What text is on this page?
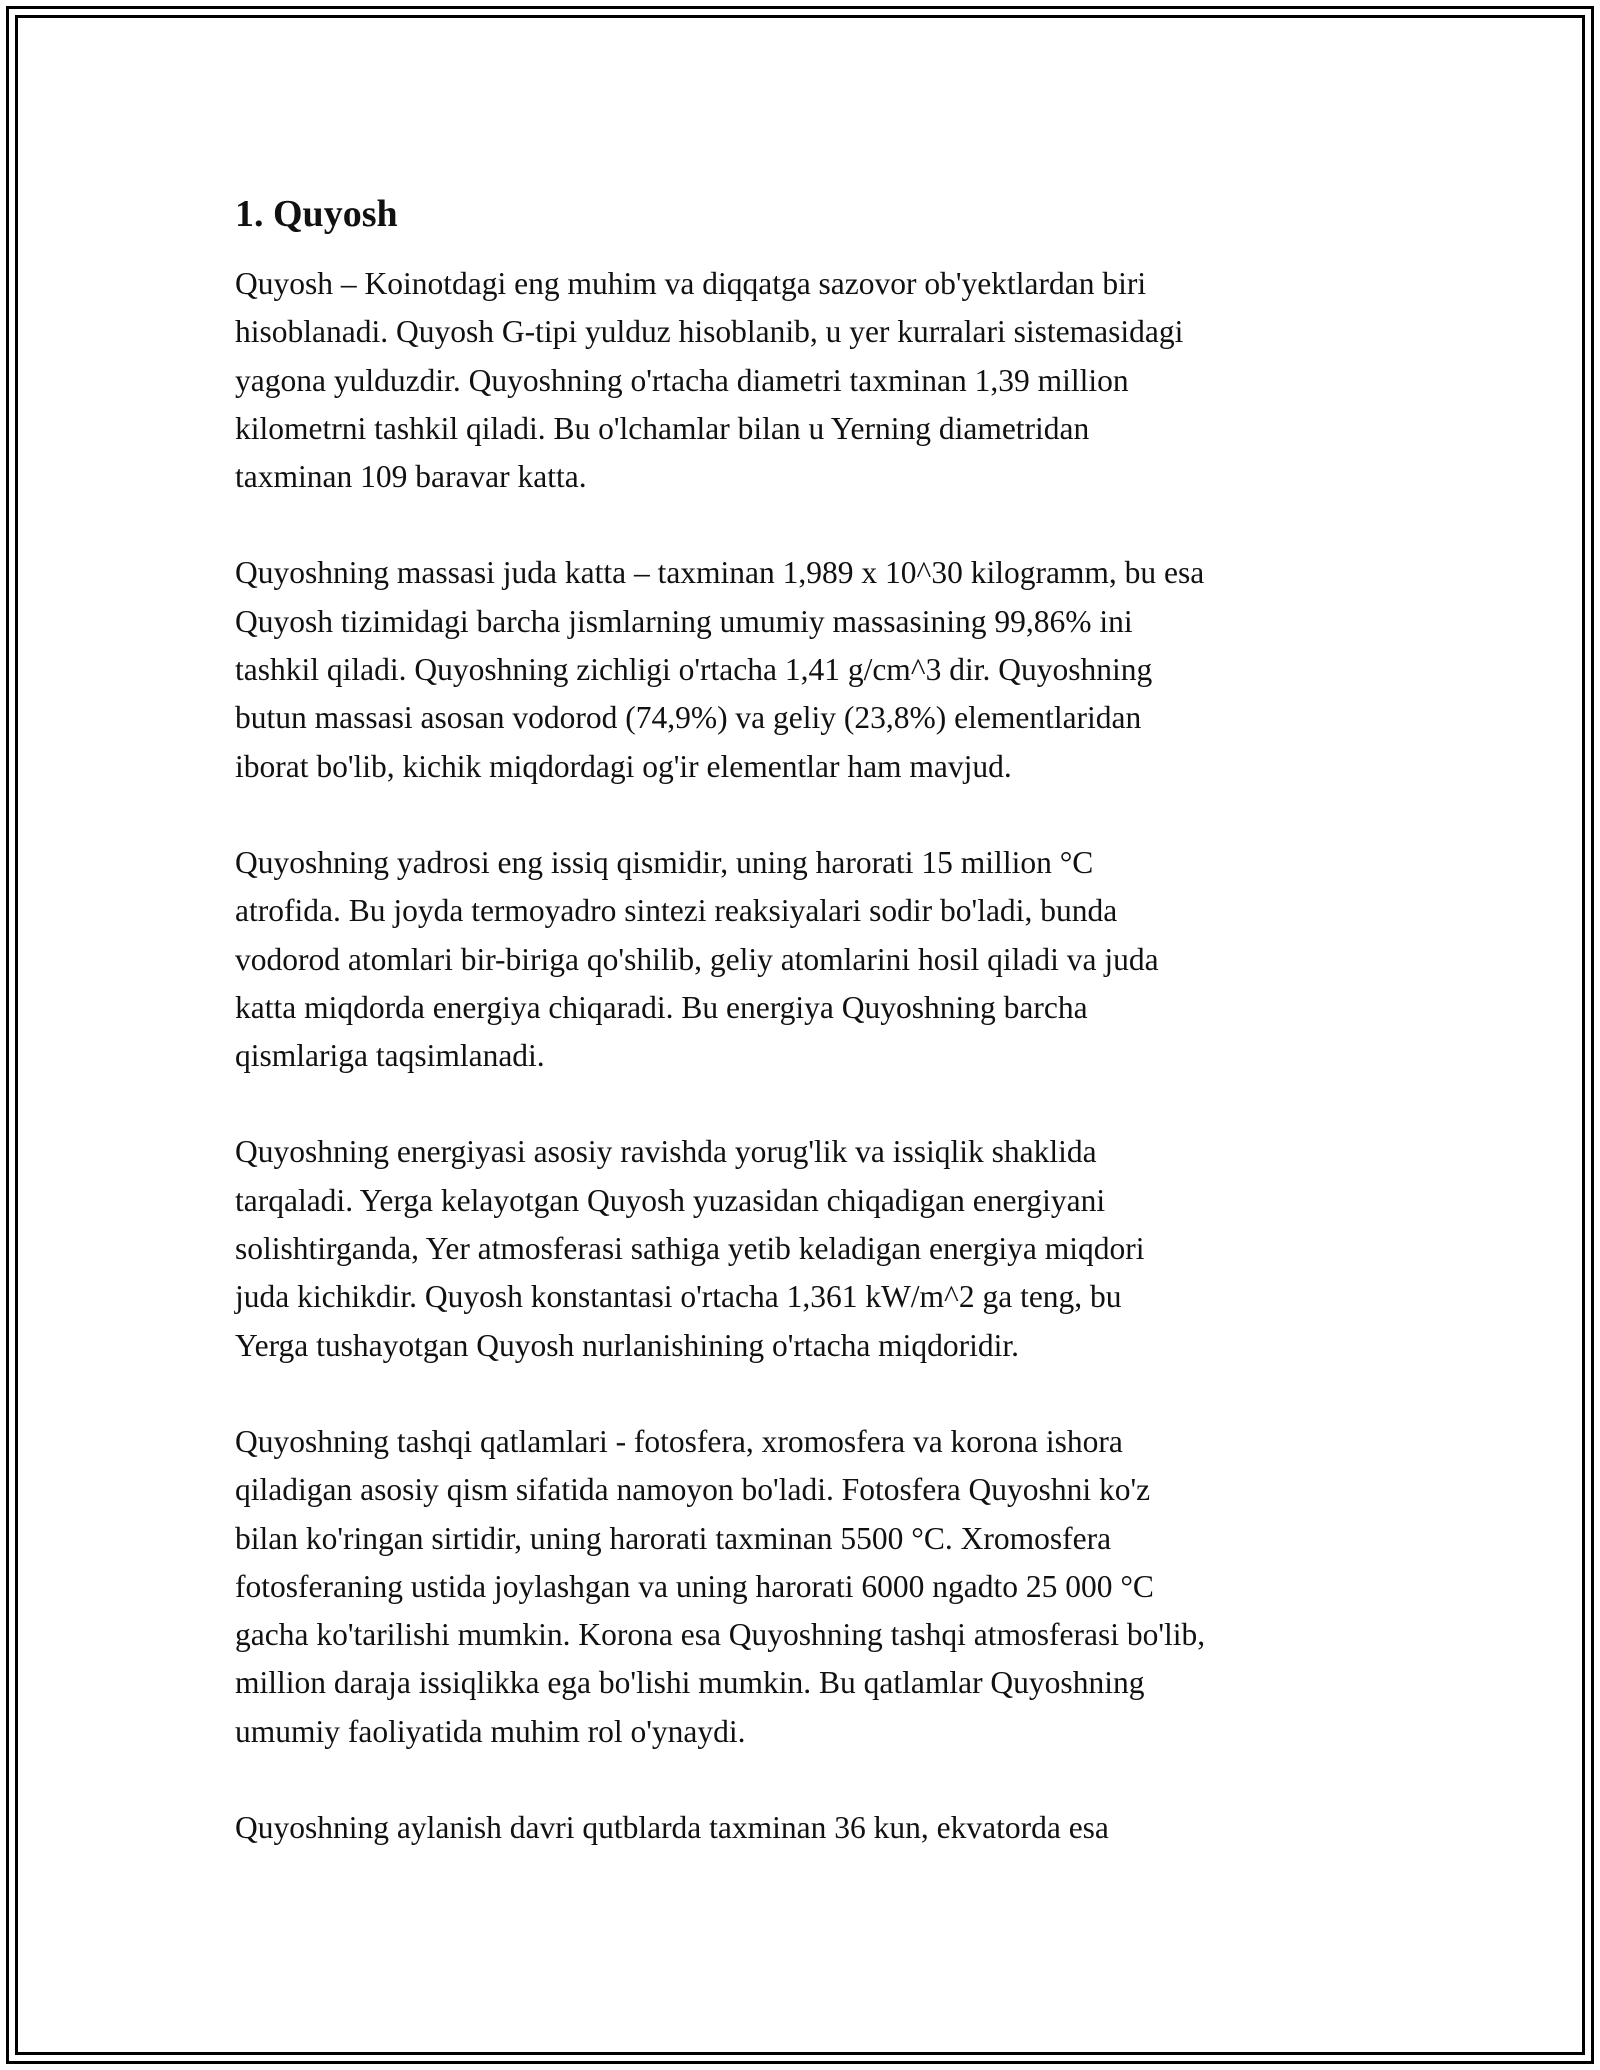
1. Quyosh

Quyosh – Koinotdagi eng muhim va diqqatga sazovor ob'yektlardan biri
hisoblanadi. Quyosh G-tipi yulduz hisoblanib, u yer kurralari sistemasidagi
yagona yulduzdir. Quyoshning o'rtacha diametri taxminan 1,39 million
kilometrni tashkil qiladi. Bu o'lchamlar bilan u Yerning diametridan
taxminan 109 baravar katta.

Quyoshning massasi juda katta – taxminan 1,989 x 10^30 kilogramm, bu esa
Quyosh tizimidagi barcha jismlarning umumiy massasining 99,86% ini
tashkil qiladi. Quyoshning zichligi o'rtacha 1,41 g/cm^3 dir. Quyoshning
butun massasi asosan vodorod (74,9%) va geliy (23,8%) elementlaridan
iborat bo'lib, kichik miqdordagi og'ir elementlar ham mavjud.

Quyoshning yadrosi eng issiq qismidir, uning harorati 15 million °C
atrofida. Bu joyda termoyadro sintezi reaksiyalari sodir bo'ladi, bunda
vodorod atomlari bir-biriga qo'shilib, geliy atomlarini hosil qiladi va juda
katta miqdorda energiya chiqaradi. Bu energiya Quyoshning barcha
qismlariga taqsimlanadi.

Quyoshning energiyasi asosiy ravishda yorug'lik va issiqlik shaklida
tarqaladi. Yerga kelayotgan Quyosh yuzasidan chiqadigan energiyani
solishtirganda, Yer atmosferasi sathiga yetib keladigan energiya miqdori
juda kichikdir. Quyosh konstantasi o'rtacha 1,361 kW/m^2 ga teng, bu
Yerga tushayotgan Quyosh nurlanishining o'rtacha miqdoridir.

Quyoshning tashqi qatlamlari - fotosfera, xromosfera va korona ishora
qiladigan asosiy qism sifatida namoyon bo'ladi. Fotosfera Quyoshni ko'z
bilan ko'ringan sirtidir, uning harorati taxminan 5500 °C. Xromosfera
fotosferaning ustida joylashgan va uning harorati 6000 ngadto 25 000 °C
gacha ko'tarilishi mumkin. Korona esa Quyoshning tashqi atmosferasi bo'lib,
million daraja issiqlikka ega bo'lishi mumkin. Bu qatlamlar Quyoshning
umumiy faoliyatida muhim rol o'ynaydi.

Quyoshning aylanish davri qutblarda taxminan 36 kun, ekvatorda esa
